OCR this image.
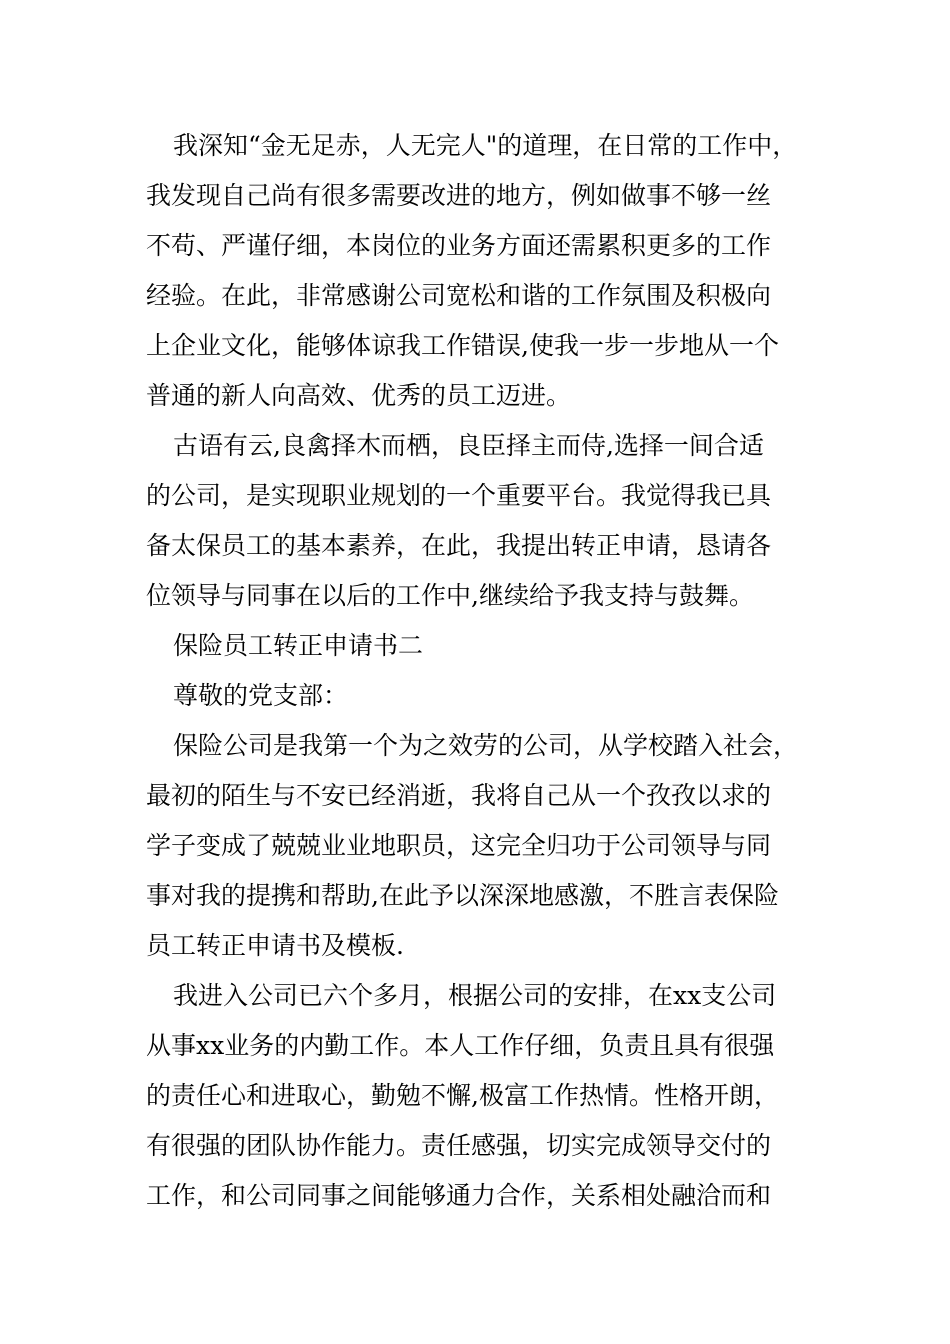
我深知“金无足赤，人无完人"的道理，在日常的工作中，
我发现自己尚有很多需要改进的地方，例如做事不够一丝
不苟、严谨仔细，本岗位的业务方面还需累积更多的工作
经验。在此，非常感谢公司宽松和谐的工作氛围及积极向
上企业文化，能够体谅我工作错误,使我一步一步地从一个
普通的新人向高效、优秀的员工迈进。
古语有云,良禽择木而栖，良臣择主而侍,选择一间合适
的公司，是实现职业规划的一个重要平台。我觉得我已具
备太保员工的基本素养，在此，我提出转正申请，恳请各
位领导与同事在以后的工作中,继续给予我支持与鼓舞。
保险员工转正申请书二
尊敬的党支部：
保险公司是我第一个为之效劳的公司，从学校踏入社会，
最初的陌生与不安已经消逝，我将自己从一个孜孜以求的
学子变成了兢兢业业地职员，这完全归功于公司领导与同
事对我的提携和帮助,在此予以深深地感激，不胜言表保险
员工转正申请书及模板.
我进入公司已六个多月，根据公司的安排，在xx支公司
从事xx业务的内勤工作。本人工作仔细，负责且具有很强
的责任心和进取心，勤勉不懈,极富工作热情。性格开朗，
有很强的团队协作能力。责任感强，切实完成领导交付的
工作，和公司同事之间能够通力合作，关系相处融洽而和
